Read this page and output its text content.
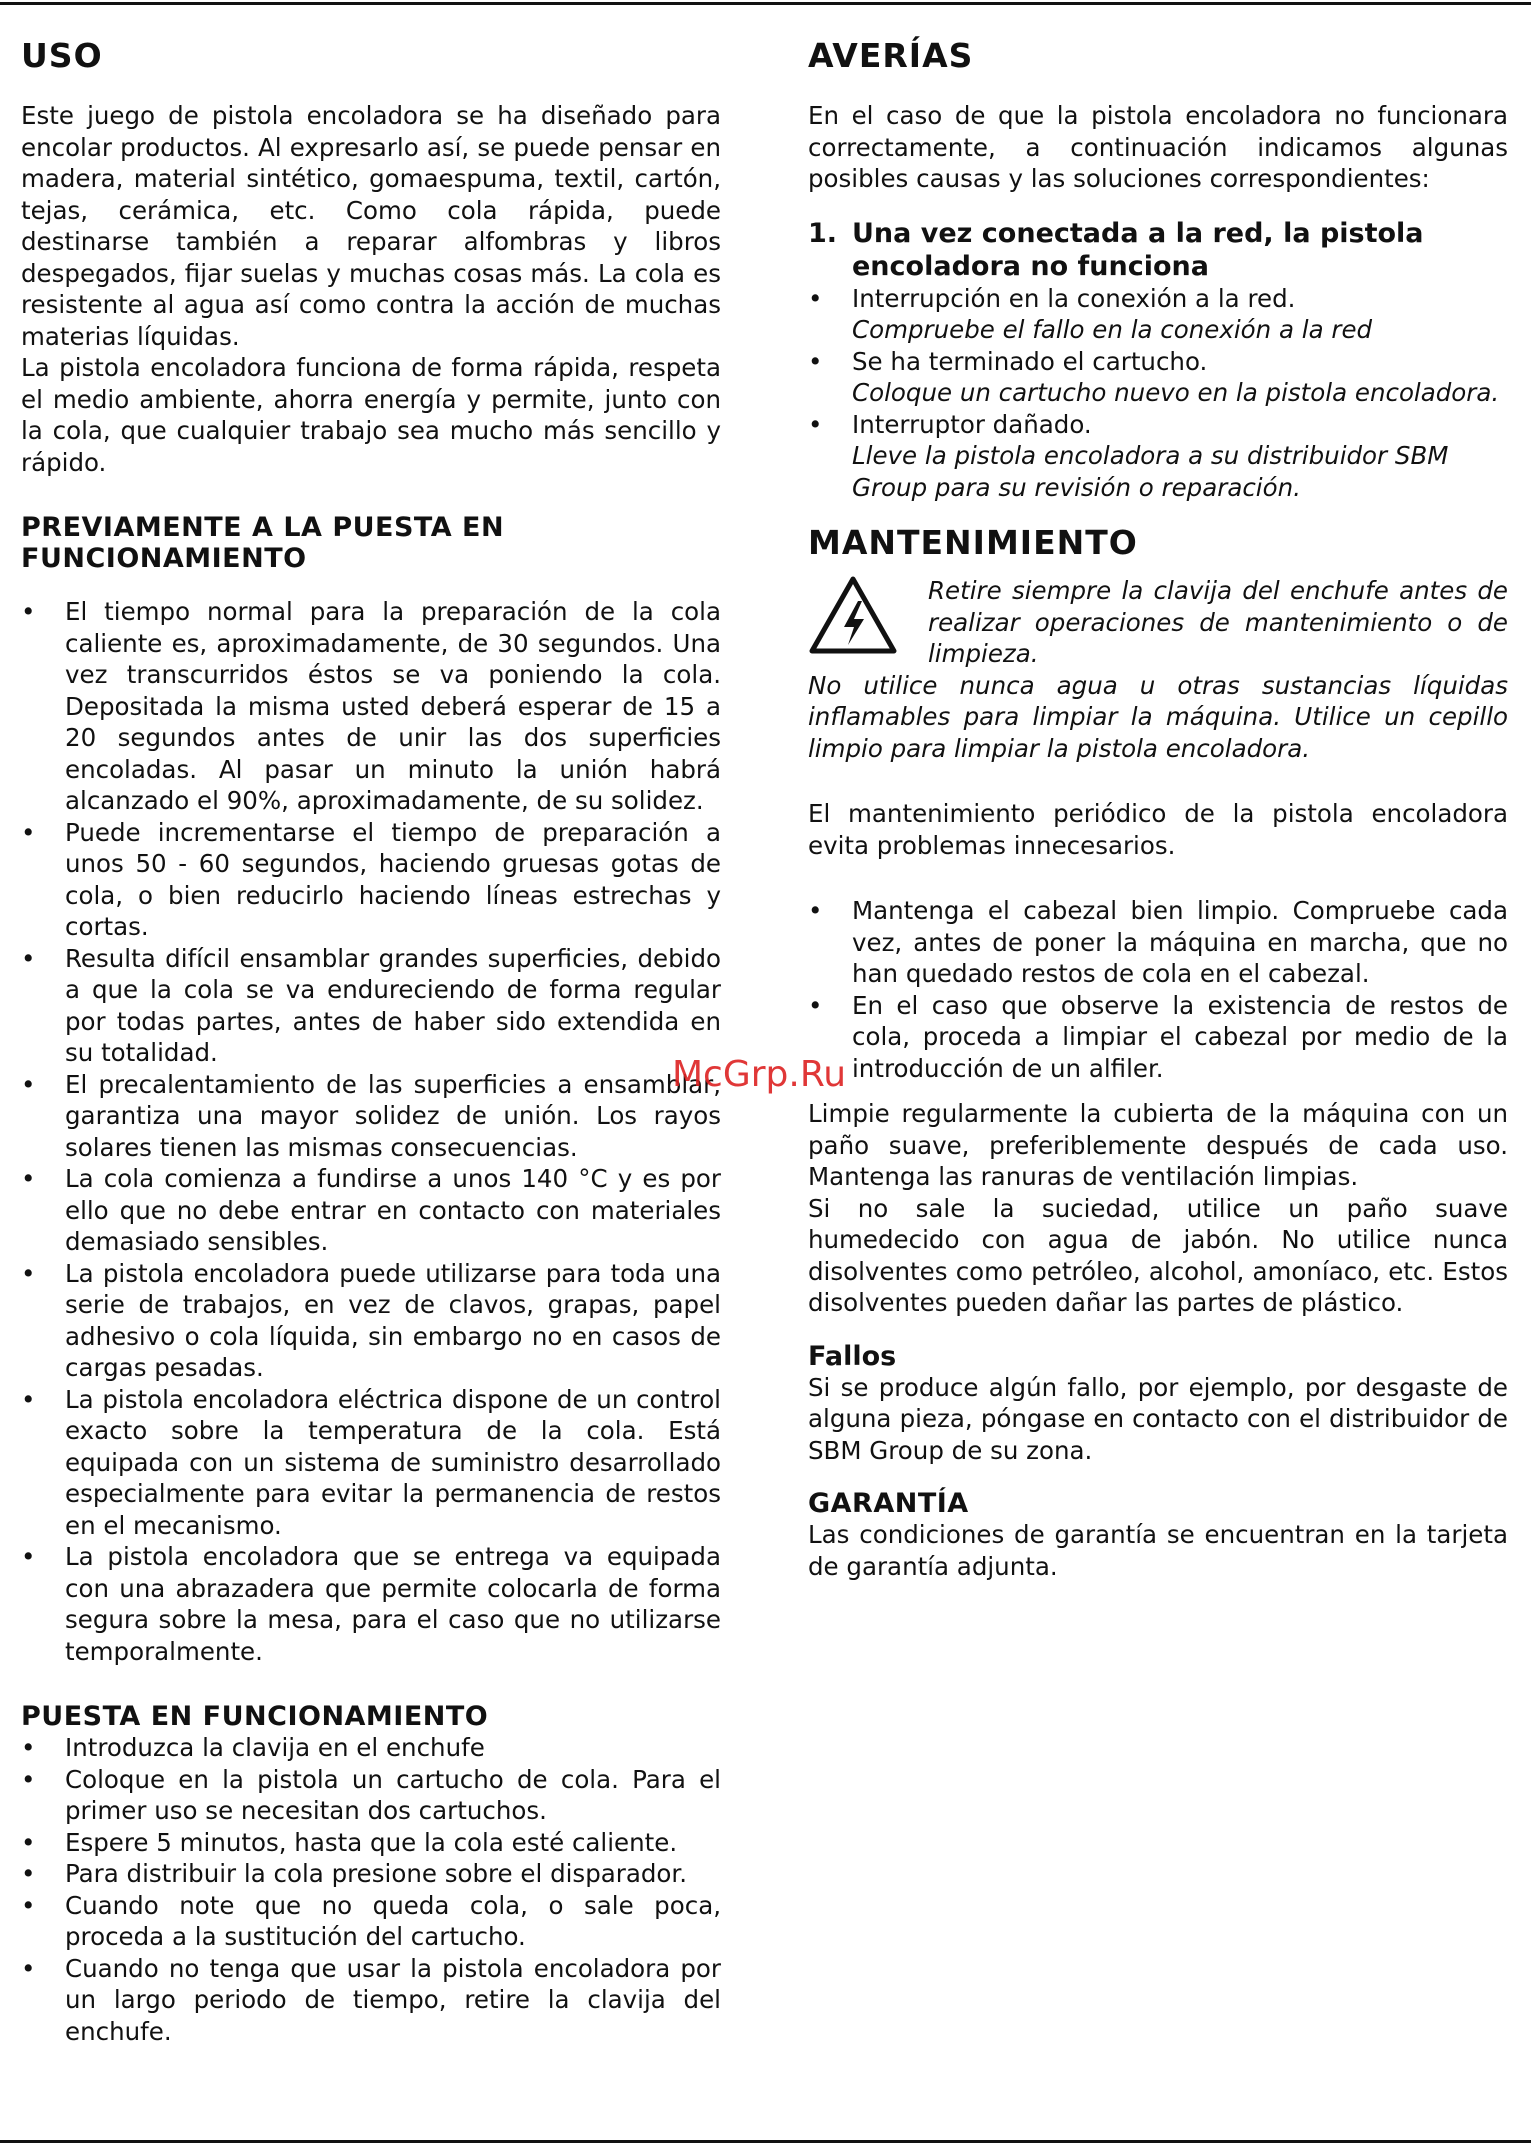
USO

Este juego de pistola encoladora se ha diseñado para encolar productos. Al expresarlo así, se puede pensar en madera, material sintético, gomaespuma, textil, cartón, tejas, cerámica, etc. Como cola rápida, puede destinarse también a reparar alfombras y libros despegados, fijar suelas y muchas cosas más. La cola es resistente al agua así como contra la acción de muchas materias líquidas.

La pistola encoladora funciona de forma rápida, respeta el medio ambiente, ahorra energía y permite, junto con la cola, que cualquier trabajo sea mucho más sencillo y rápido.

PREVIAMENTE A LA PUESTA EN FUNCIONAMIENTO
• El tiempo normal para la preparación de la cola caliente es, aproximadamente, de 30 segundos. Una vez transcurridos éstos se va poniendo la cola. Depositada la misma usted deberá esperar de 15 a 20 segundos antes de unir las dos superficies encoladas. Al pasar un minuto la unión habrá alcanzado el 90%, aproximadamente, de su solidez.
• Puede incrementarse el tiempo de preparación a unos 50 - 60 segundos, haciendo gruesas gotas de cola, o bien reducirlo haciendo líneas estrechas y cortas.
• Resulta difícil ensamblar grandes superficies, debido a que la cola se va endureciendo de forma regular por todas partes, antes de haber sido extendida en su totalidad.
• El precalentamiento de las superficies a ensamblar, garantiza una mayor solidez de unión. Los rayos solares tienen las mismas consecuencias.
• La cola comienza a fundirse a unos 140 °C y es por ello que no debe entrar en contacto con materiales demasiado sensibles.
• La pistola encoladora puede utilizarse para toda una serie de trabajos, en vez de clavos, grapas, papel adhesivo o cola líquida, sin embargo no en casos de cargas pesadas.
• La pistola encoladora eléctrica dispone de un control exacto sobre la temperatura de la cola. Está equipada con un sistema de suministro desarrollado especialmente para evitar la permanencia de restos en el mecanismo.
• La pistola encoladora que se entrega va equipada con una abrazadera que permite colocarla de forma segura sobre la mesa, para el caso que no utilizarse temporalmente.
PUESTA EN FUNCIONAMIENTO
• Introduzca la clavija en el enchufe
• Coloque en la pistola un cartucho de cola. Para el primer uso se necesitan dos cartuchos.
• Espere 5 minutos, hasta que la cola esté caliente.
• Para distribuir la cola presione sobre el disparador.
• Cuando note que no queda cola, o sale poca, proceda a la sustitución del cartucho.
• Cuando no tenga que usar la pistola encoladora por un largo periodo de tiempo, retire la clavija del enchufe.
AVERÍAS

En el caso de que la pistola encoladora no funcionara correctamente, a continuación indicamos algunas posibles causas y las soluciones correspondientes:

1. Una vez conectada a la red, la pistola encoladora no funciona
• Interrupción en la conexión a la red.
Compruebe el fallo en la conexión a la red
• Se ha terminado el cartucho.
Coloque un cartucho nuevo en la pistola encoladora.
• Interruptor dañado.
Lleve la pistola encoladora a su distribuidor SBM Group para su revisión o reparación.
MANTENIMIENTO
Retire siempre la clavija del enchufe antes de realizar operaciones de mantenimiento o de limpieza.
No utilice nunca agua u otras sustancias líquidas inflamables para limpiar la máquina. Utilice un cepillo limpio para limpiar la pistola encoladora.

El mantenimiento periódico de la pistola encoladora evita problemas innecesarios.

• Mantenga el cabezal bien limpio. Compruebe cada vez, antes de poner la máquina en marcha, que no han quedado restos de cola en el cabezal.
• En el caso que observe la existencia de restos de cola, proceda a limpiar el cabezal por medio de la introducción de un alfiler.

Limpie regularmente la cubierta de la máquina con un paño suave, preferiblemente después de cada uso. Mantenga las ranuras de ventilación limpias.

Si no sale la suciedad, utilice un paño suave humedecido con agua de jabón. No utilice nunca disolventes como petróleo, alcohol, amoníaco, etc. Estos disolventes pueden dañar las partes de plástico.

Fallos

Si se produce algún fallo, por ejemplo, por desgaste de alguna pieza, póngase en contacto con el distribuidor de SBM Group de su zona.

GARANTÍA

Las condiciones de garantía se encuentran en la tarjeta de garantía adjunta.

McGrp.Ru
